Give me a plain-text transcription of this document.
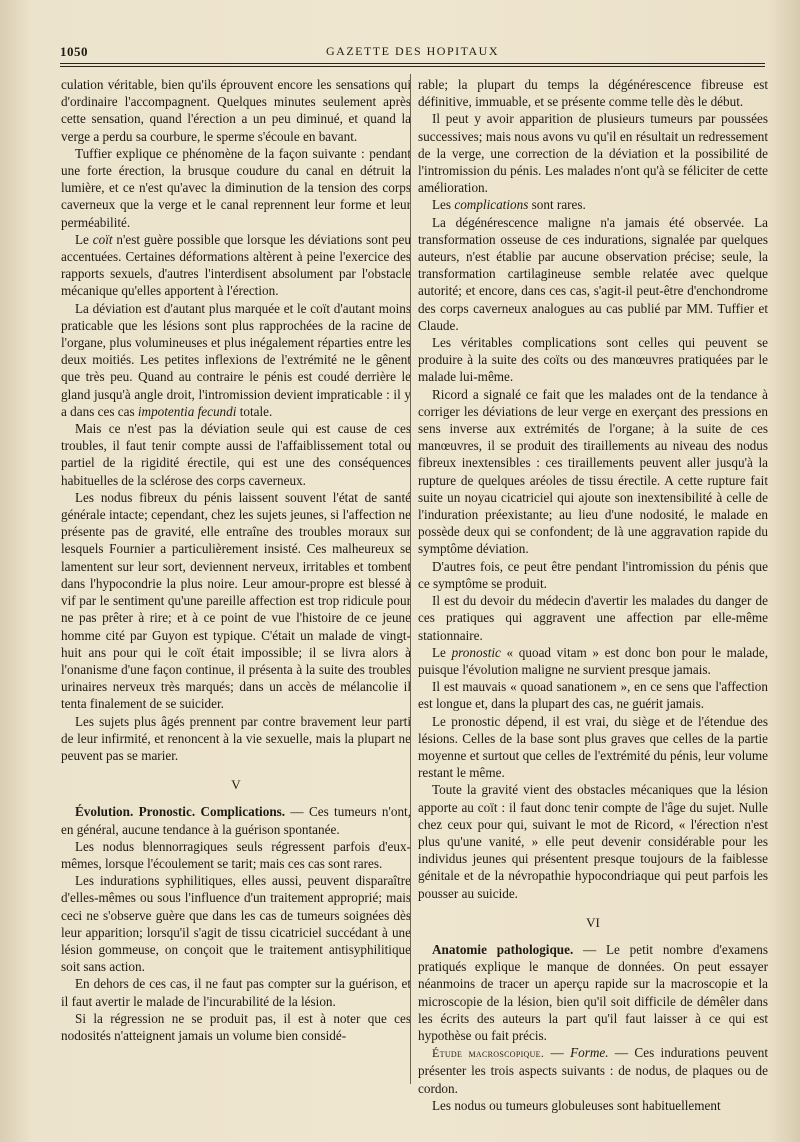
1050	GAZETTE DES HOPITAUX

culation véritable, bien qu'ils éprouvent encore les sensations qui d'ordinaire l'accompagnent. Quelques minutes seulement après cette sensation, quand l'érection a un peu diminué, et quand la verge a perdu sa courbure, le sperme s'écoule en bavant.

Tuffier explique ce phénomène de la façon suivante : pendant une forte érection, la brusque coudure du canal en détruit la lumière, et ce n'est qu'avec la diminution de la tension des corps caverneux que la verge et le canal reprennent leur forme et leur perméabilité.

Le coït n'est guère possible que lorsque les déviations sont peu accentuées. Certaines déformations altèrent à peine l'exercice des rapports sexuels, d'autres l'interdisent absolument par l'obstacle mécanique qu'elles apportent à l'érection.

La déviation est d'autant plus marquée et le coït d'autant moins praticable que les lésions sont plus rapprochées de la racine de l'organe, plus volumineuses et plus inégalement réparties entre les deux moitiés. Les petites inflexions de l'extrémité ne le gênent que très peu. Quand au contraire le pénis est coudé derrière le gland jusqu'à angle droit, l'intromission devient impraticable : il y a dans ces cas impotentia fecundi totale.

Mais ce n'est pas la déviation seule qui est cause de ces troubles, il faut tenir compte aussi de l'affaiblissement total ou partiel de la rigidité érectile, qui est une des conséquences habituelles de la sclérose des corps caverneux.

Les nodus fibreux du pénis laissent souvent l'état de santé générale intacte; cependant, chez les sujets jeunes, si l'affection ne présente pas de gravité, elle entraîne des troubles moraux sur lesquels Fournier a particulièrement insisté. Ces malheureux se lamentent sur leur sort, deviennent nerveux, irritables et tombent dans l'hypocondrie la plus noire. Leur amour-propre est blessé à vif par le sentiment qu'une pareille affection est trop ridicule pour ne pas prêter à rire; et à ce point de vue l'histoire de ce jeune homme cité par Guyon est typique. C'était un malade de vingt-huit ans pour qui le coït était impossible; il se livra alors à l'onanisme d'une façon continue, il présenta à la suite des troubles urinaires nerveux très marqués; dans un accès de mélancolie il tenta finalement de se suicider.

Les sujets plus âgés prennent par contre bravement leur parti de leur infirmité, et renoncent à la vie sexuelle, mais la plupart ne peuvent pas se marier.

V

Évolution. Pronostic. Complications. — Ces tumeurs n'ont, en général, aucune tendance à la guérison spontanée.

Les nodus blennorragiques seuls régressent parfois d'eux-mêmes, lorsque l'écoulement se tarit; mais ces cas sont rares.

Les indurations syphilitiques, elles aussi, peuvent disparaître d'elles-mêmes ou sous l'influence d'un traitement approprié; mais ceci ne s'observe guère que dans les cas de tumeurs soignées dès leur apparition; lorsqu'il s'agit de tissu cicatriciel succédant à une lésion gommeuse, on conçoit que le traitement antisyphilitique soit sans action.

En dehors de ces cas, il ne faut pas compter sur la guérison, et il faut avertir le malade de l'incurabilité de la lésion.

Si la régression ne se produit pas, il est à noter que ces nodosités n'atteignent jamais un volume bien considé-

rable; la plupart du temps la dégénérescence fibreuse est définitive, immuable, et se présente comme telle dès le début.

Il peut y avoir apparition de plusieurs tumeurs par poussées successives; mais nous avons vu qu'il en résultait un redressement de la verge, une correction de la déviation et la possibilité de l'intromission du pénis. Les malades n'ont qu'à se féliciter de cette amélioration.

Les complications sont rares.

La dégénérescence maligne n'a jamais été observée. La transformation osseuse de ces indurations, signalée par quelques auteurs, n'est établie par aucune observation précise; seule, la transformation cartilagineuse semble relatée avec quelque autorité; et encore, dans ces cas, s'agit-il peut-être d'enchondrome des corps caverneux analogues au cas publié par MM. Tuffier et Claude.

Les véritables complications sont celles qui peuvent se produire à la suite des coïts ou des manœuvres pratiquées par le malade lui-même.

Ricord a signalé ce fait que les malades ont de la tendance à corriger les déviations de leur verge en exerçant des pressions en sens inverse aux extrémités de l'organe; à la suite de ces manœuvres, il se produit des tiraillements au niveau des nodus fibreux inextensibles : ces tiraillements peuvent aller jusqu'à la rupture de quelques aréoles de tissu érectile. A cette rupture fait suite un noyau cicatriciel qui ajoute son inextensibilité à celle de l'induration préexistante; au lieu d'une nodosité, le malade en possède deux qui se confondent; de là une aggravation rapide du symptôme déviation.

D'autres fois, ce peut être pendant l'intromission du pénis que ce symptôme se produit.

Il est du devoir du médecin d'avertir les malades du danger de ces pratiques qui aggravent une affection par elle-même stationnaire.

Le pronostic « quoad vitam » est donc bon pour le malade, puisque l'évolution maligne ne survient presque jamais.

Il est mauvais « quoad sanationem », en ce sens que l'affection est longue et, dans la plupart des cas, ne guérit jamais.

Le pronostic dépend, il est vrai, du siège et de l'étendue des lésions. Celles de la base sont plus graves que celles de la partie moyenne et surtout que celles de l'extrémité du pénis, leur volume restant le même.

Toute la gravité vient des obstacles mécaniques que la lésion apporte au coït : il faut donc tenir compte de l'âge du sujet. Nulle chez ceux pour qui, suivant le mot de Ricord, « l'érection n'est plus qu'une vanité, » elle peut devenir considérable pour les individus jeunes qui présentent presque toujours de la faiblesse génitale et de la névropathie hypocondriaque qui peut parfois les pousser au suicide.

VI

Anatomie pathologique. — Le petit nombre d'examens pratiqués explique le manque de données. On peut essayer néanmoins de tracer un aperçu rapide sur la macroscopie et la microscopie de la lésion, bien qu'il soit difficile de démêler dans les écrits des auteurs la part qu'il faut laisser à ce qui est hypothèse ou fait précis.

Étude macroscopique. — Forme. — Ces indurations peuvent présenter les trois aspects suivants : de nodus, de plaques ou de cordon.

Les nodus ou tumeurs globuleuses sont habituellement
